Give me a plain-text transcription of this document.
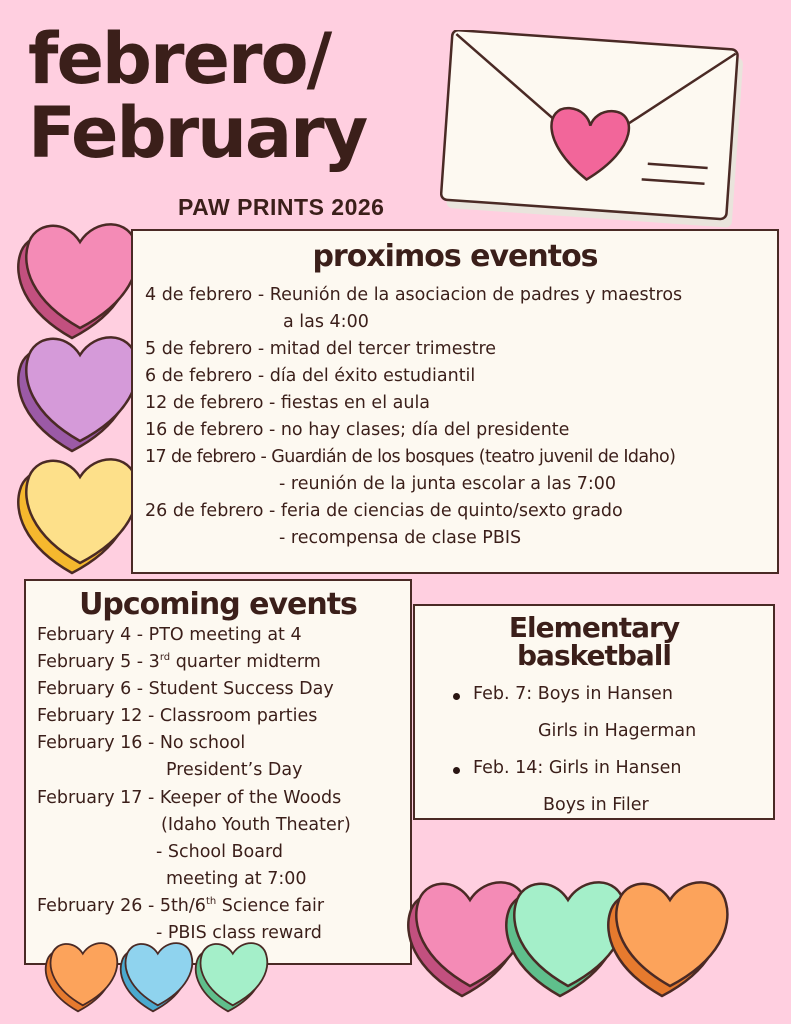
febrero/
February
PAW PRINTS 2026
proximos eventos
4 de febrero - Reunión de la asociacion de padres y maestros
a las 4:00
5 de febrero - mitad del tercer trimestre
6 de febrero - día del éxito estudiantil
12 de febrero - fiestas en el aula
16 de febrero - no hay clases; día del presidente
17 de febrero - Guardián de los bosques (teatro juvenil de Idaho)
- reunión de la junta escolar a las 7:00
26 de febrero - feria de ciencias de quinto/sexto grado
- recompensa de clase PBIS
Upcoming events
February 4 - PTO meeting at 4
February 5 - 3rd quarter midterm
February 6 - Student Success Day
February 12 - Classroom parties
February 16 - No school
President’s Day
February 17 - Keeper of the Woods
(Idaho Youth Theater)
- School Board
meeting at 7:00
February 26 - 5th/6th Science fair
- PBIS class reward
Elementary
basketball
Feb. 7: Boys in Hansen
Girls in Hagerman
Feb. 14: Girls in Hansen
Boys in Filer
